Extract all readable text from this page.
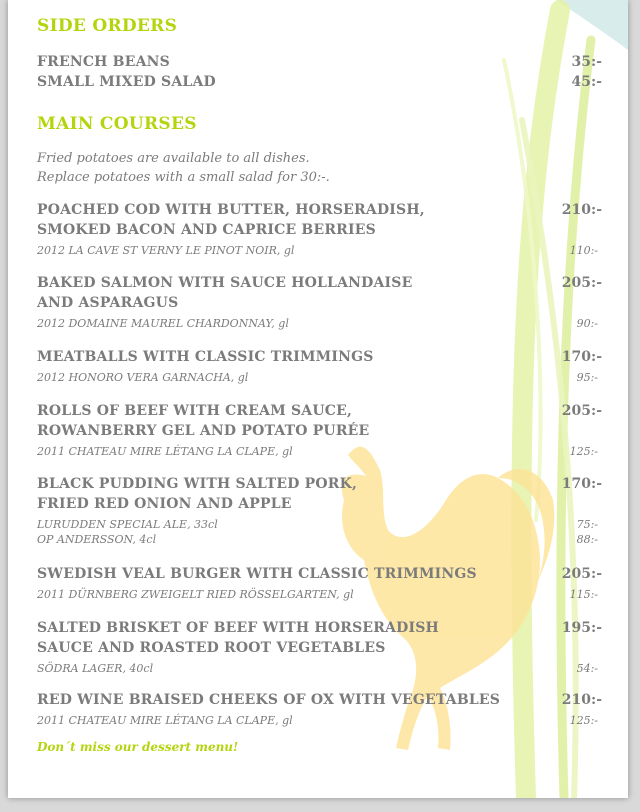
SIDE ORDERS
FRENCH BEANS	35:-
SMALL MIXED SALAD	45:-
MAIN COURSES
Fried potatoes are available to all dishes.
Replace potatoes with a small salad for 30:-.
POACHED COD WITH BUTTER, HORSERADISH,
SMOKED BACON AND CAPRICE BERRIES
210:-
2012 LA CAVE ST VERNY LE PINOT NOIR, gl	110:-
BAKED SALMON WITH SAUCE HOLLANDAISE
AND ASPARAGUS
205:-
2012 DOMAINE MAUREL CHARDONNAY, gl	90:-
MEATBALLS WITH CLASSIC TRIMMINGS	170:-
2012 HONORO VERA GARNACHA, gl	95:-
ROLLS OF BEEF WITH CREAM SAUCE,
ROWANBERRY GEL AND POTATO PURÉE
205:-
2011 CHATEAU MIRE LÉTANG LA CLAPE, gl	125:-
BLACK PUDDING WITH SALTED PORK,
FRIED RED ONION AND APPLE
170:-
LURUDDEN SPECIAL ALE, 33cl	75:-
OP ANDERSSON, 4cl	88:-
SWEDISH VEAL BURGER WITH CLASSIC TRIMMINGS	205:-
2011 DÜRNBERG ZWEIGELT RIED RÖSSELGARTEN, gl	115:-
SALTED BRISKET OF BEEF WITH HORSERADISH
SAUCE AND ROASTED ROOT VEGETABLES
195:-
SÖDRA LAGER, 40cl	54:-
RED WINE BRAISED CHEEKS OF OX WITH VEGETABLES	210:-
2011 CHATEAU MIRE LÉTANG LA CLAPE, gl	125:-
Don´t miss our dessert menu!
